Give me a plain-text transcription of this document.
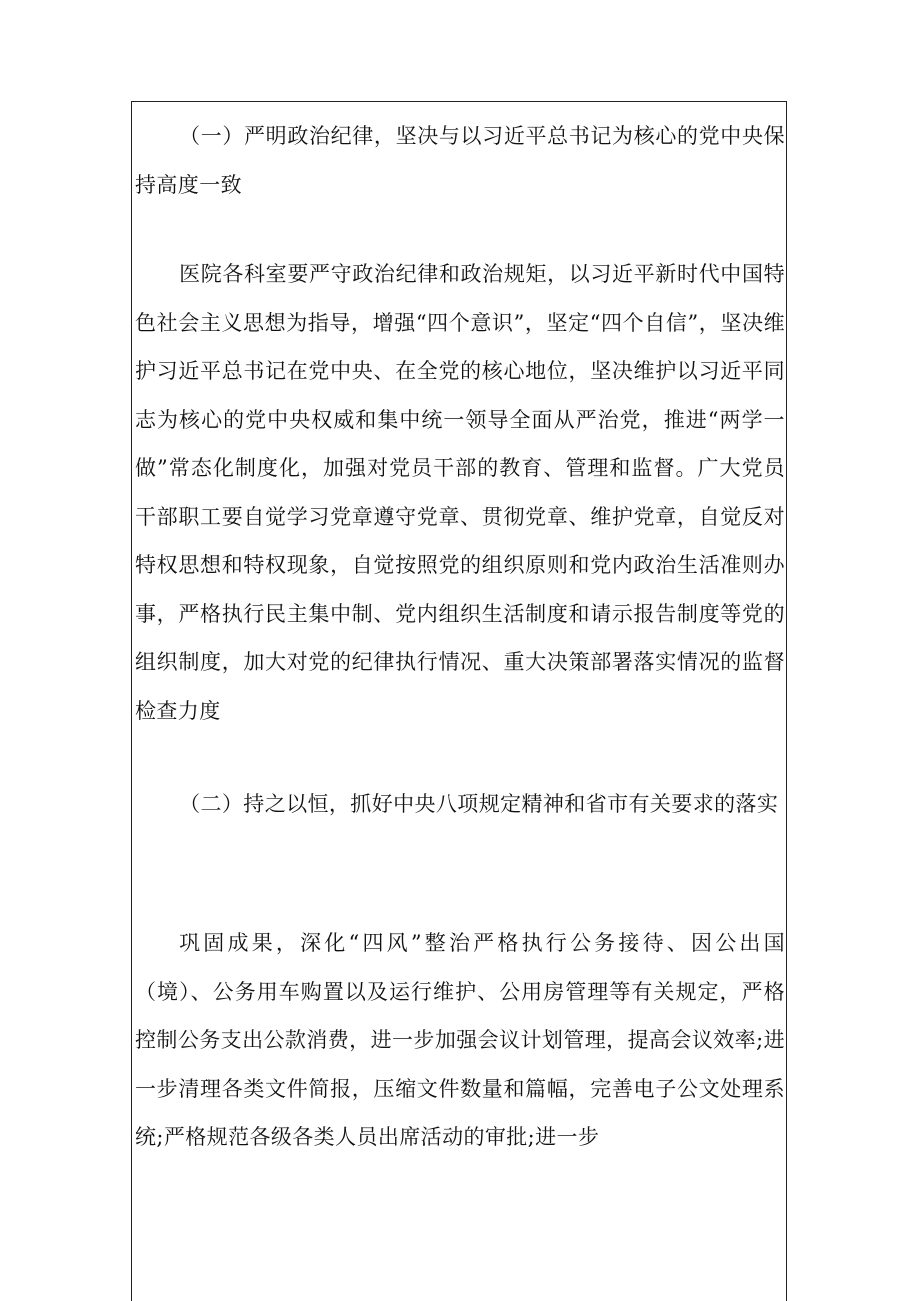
（一）严明政治纪律，坚决与以习近平总书记为核心的党中央保持高度一致

医院各科室要严守政治纪律和政治规矩，以习近平新时代中国特色社会主义思想为指导，增强“四个意识”，坚定“四个自信”，坚决维护习近平总书记在党中央、在全党的核心地位，坚决维护以习近平同志为核心的党中央权威和集中统一领导全面从严治党，推进“两学一做”常态化制度化，加强对党员干部的教育、管理和监督。广大党员干部职工要自觉学习党章遵守党章、贯彻党章、维护党章，自觉反对特权思想和特权现象，自觉按照党的组织原则和党内政治生活准则办事，严格执行民主集中制、党内组织生活制度和请示报告制度等党的组织制度，加大对党的纪律执行情况、重大决策部署落实情况的监督检查力度

（二）持之以恒，抓好中央八项规定精神和省市有关要求的落实

巩固成果，深化“四风”整治严格执行公务接待、因公出国（境）、公务用车购置以及运行维护、公用房管理等有关规定，严格控制公务支出公款消费，进一步加强会议计划管理，提高会议效率;进一步清理各类文件简报，压缩文件数量和篇幅，完善电子公文处理系统;严格规范各级各类人员出席活动的审批;进一步
